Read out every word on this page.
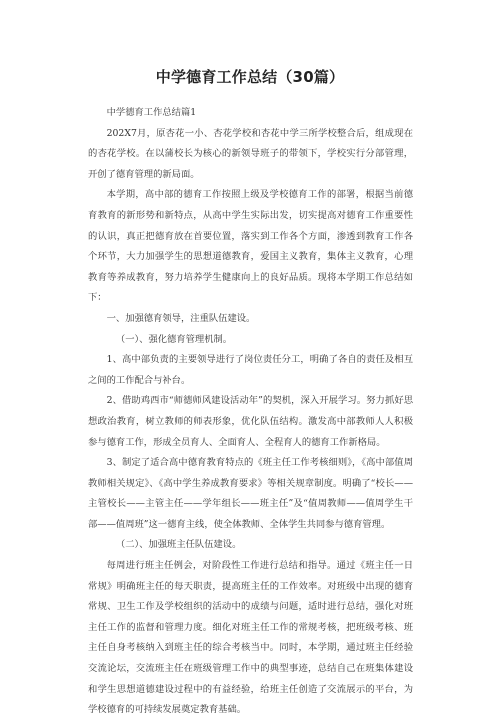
中学德育工作总结（30篇）

中学德育工作总结篇1

202X7月，原杏花一小、杏花学校和杏花中学三所学校整合后，组成现在的杏花学校。在以蒲校长为核心的新领导班子的带领下，学校实行分部管理，开创了德育管理的新局面。

本学期，高中部的德育工作按照上级及学校德育工作的部署，根据当前德育教育的新形势和新特点，从高中学生实际出发，切实提高对德育工作重要性的认识，真正把德育放在首要位置，落实到工作各个方面，渗透到教育工作各个环节，大力加强学生的思想道德教育，爱国主义教育，集体主义教育，心理教育等养成教育，努力培养学生健康向上的良好品质。现将本学期工作总结如下：

一、加强德育领导，注重队伍建设。

（一）、强化德育管理机制。

1、高中部负责的主要领导进行了岗位责任分工，明确了各自的责任及相互之间的工作配合与补台。

2、借助鸡西市“师德师风建设活动年”的契机，深入开展学习。努力抓好思想政治教育，树立教师的师表形象，优化队伍结构。激发高中部教师人人积极参与德育工作，形成全员育人、全面育人、全程育人的德育工作新格局。

3、制定了适合高中德育教育特点的《班主任工作考核细则》，《高中部值周教师相关规定》、《高中学生养成教育要求》等相关规章制度。明确了“校长——主管校长——主管主任——学年组长——班主任”及“值周教师——值周学生干部——值周班”这一德育主线，使全体教师、全体学生共同参与德育管理。

（二）、加强班主任队伍建设。

每周进行班主任例会，对阶段性工作进行总结和指导。通过《班主任一日常规》明确班主任的每天职责，提高班主任的工作效率。对班级中出现的德育常规、卫生工作及学校组织的活动中的成绩与问题，适时进行总结，强化对班主任工作的监督和管理力度。细化对班主任工作的常规考核，把班级考核、班主任自身考核纳入到班主任的综合考核当中。同时，本学期，通过班主任经验交流论坛，交流班主任在班级管理工作中的典型事迹，总结自己在班集体建设和学生思想道德建设过程中的有益经验，给班主任创造了交流展示的平台，为学校德育的可持续发展奠定教育基础。
